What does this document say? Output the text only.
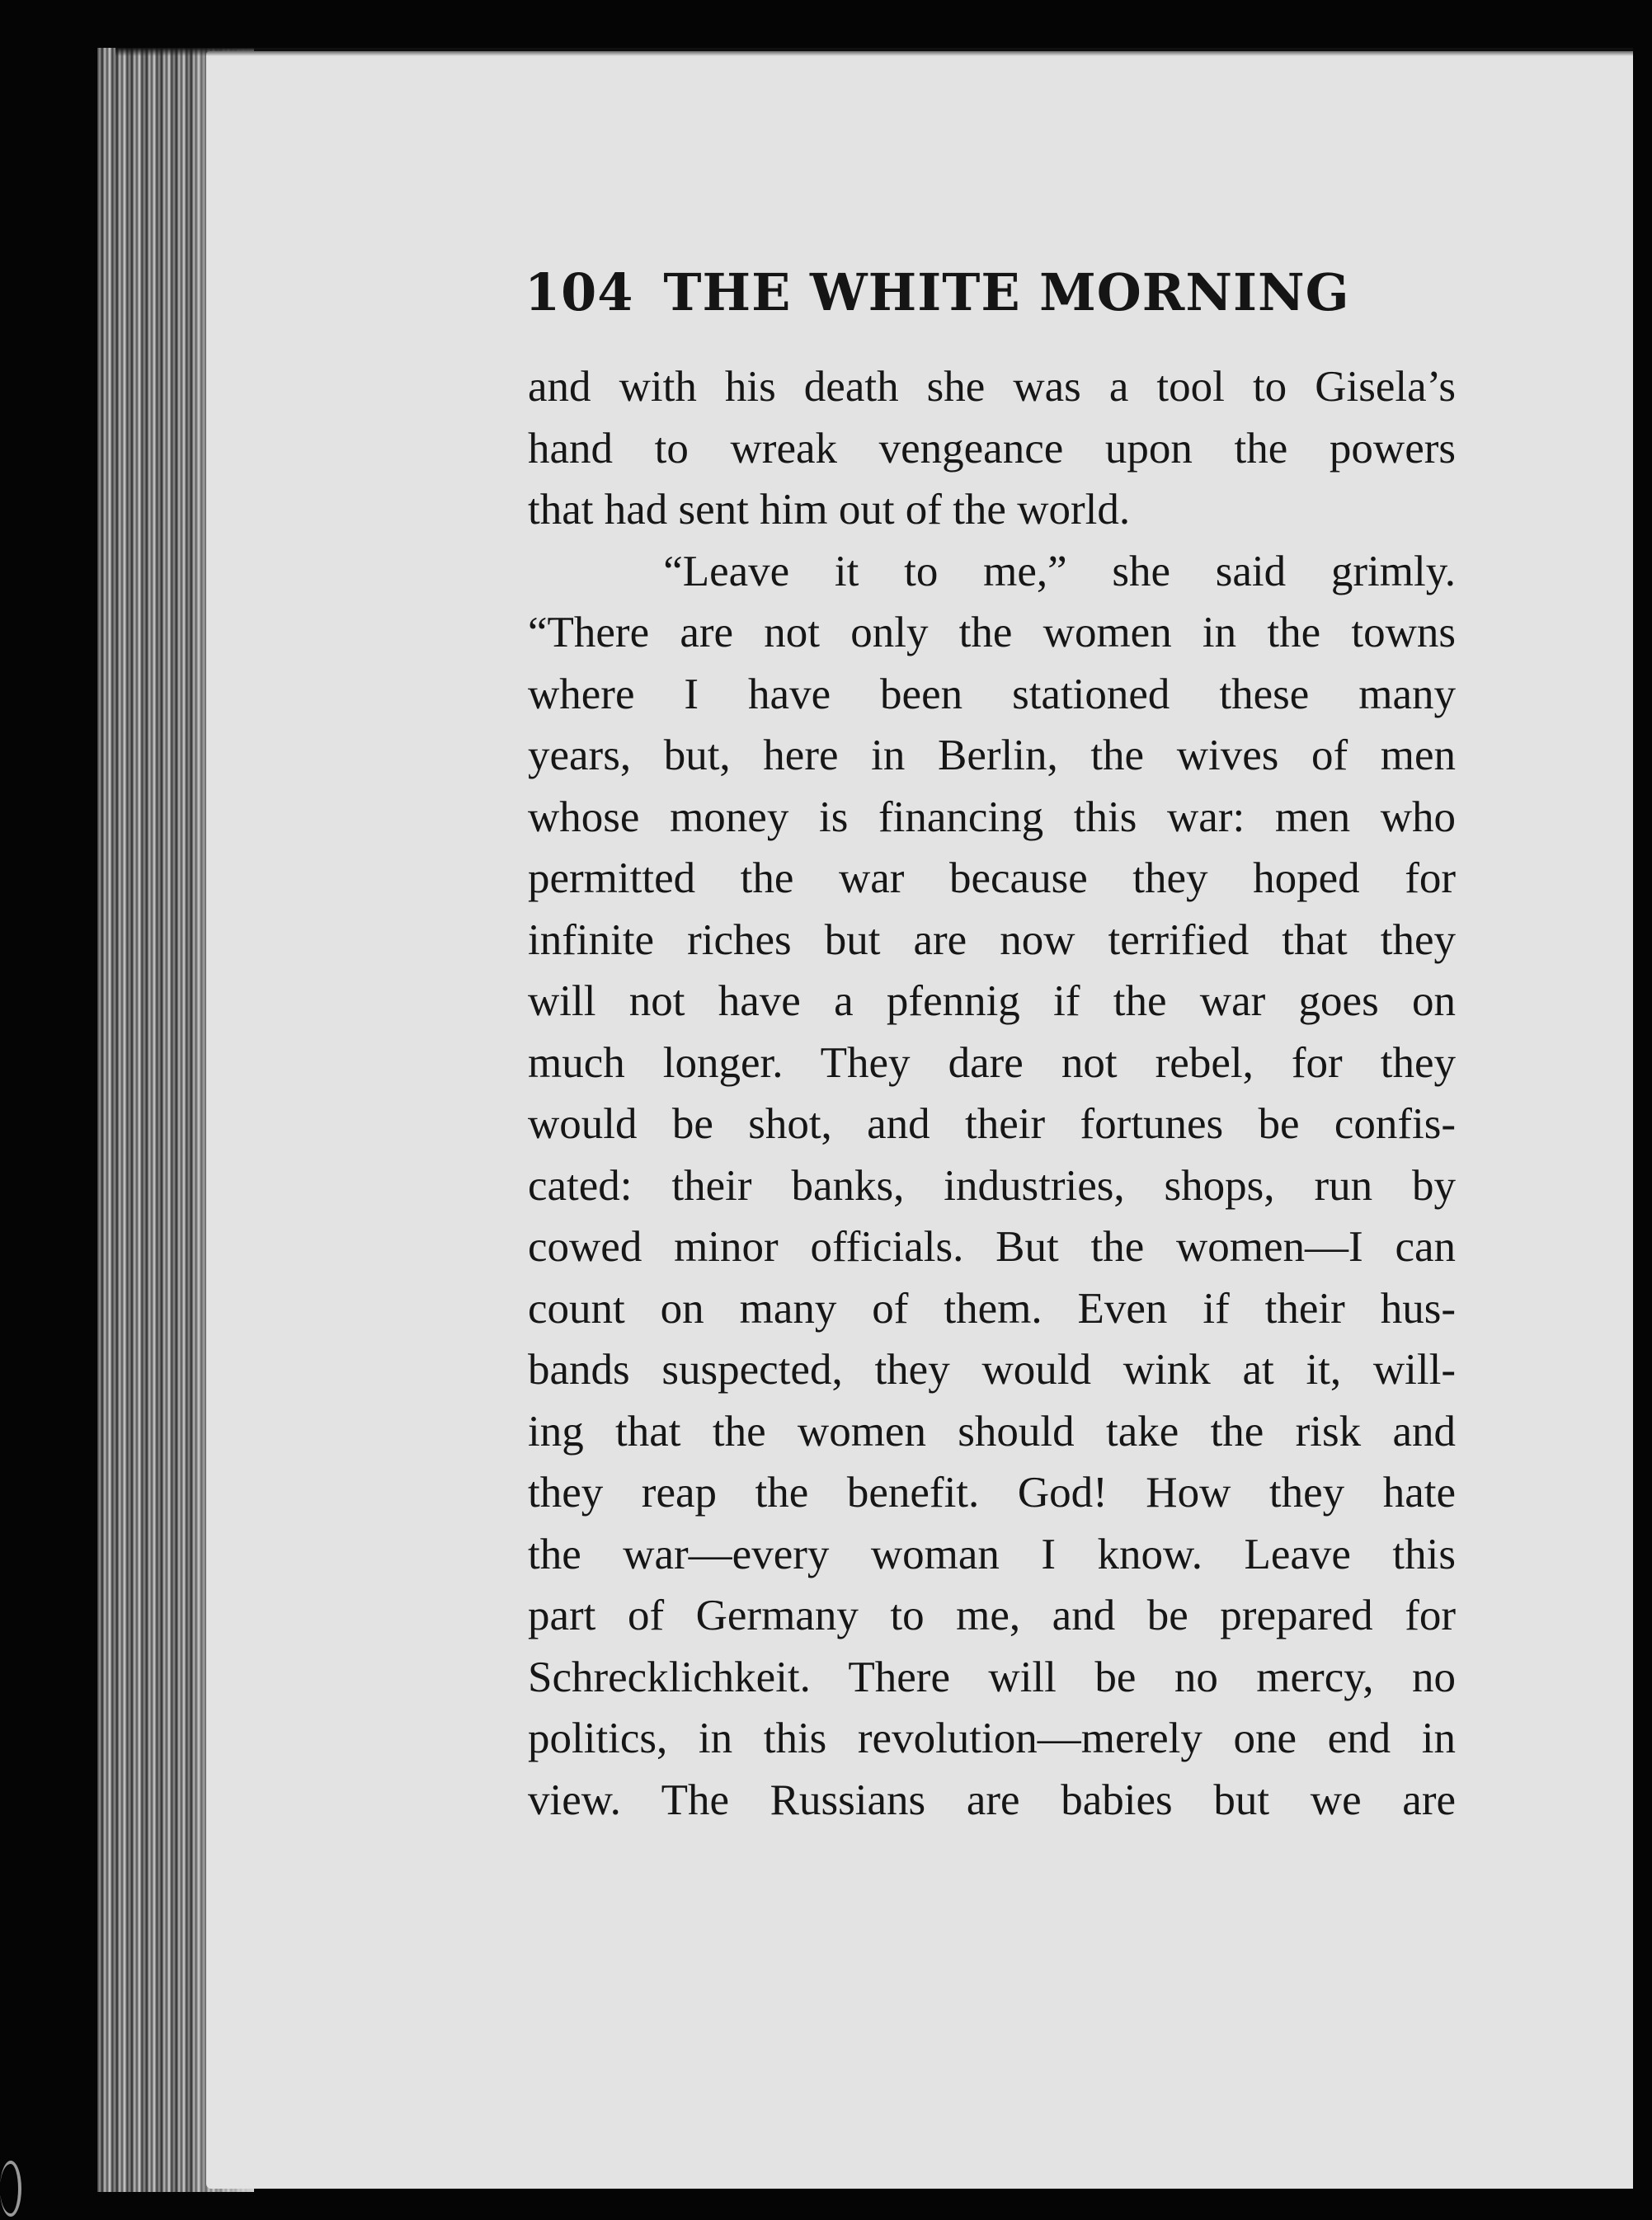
104 THE WHITE MORNING
and with his death she was a tool to Gisela’s
hand to wreak vengeance upon the powers
that had sent him out of the world.
“Leave it to me,” she said grimly.
“There are not only the women in the towns
where I have been stationed these many
years, but, here in Berlin, the wives of men
whose money is financing this war: men who
permitted the war because they hoped for
infinite riches but are now terrified that they
will not have a pfennig if the war goes on
much longer. They dare not rebel, for they
would be shot, and their fortunes be confis-
cated: their banks, industries, shops, run by
cowed minor officials. But the women—I can
count on many of them. Even if their hus-
bands suspected, they would wink at it, will-
ing that the women should take the risk and
they reap the benefit. God! How they hate
the war—every woman I know. Leave this
part of Germany to me, and be prepared for
Schrecklichkeit. There will be no mercy, no
politics, in this revolution—merely one end in
view. The Russians are babies but we are
